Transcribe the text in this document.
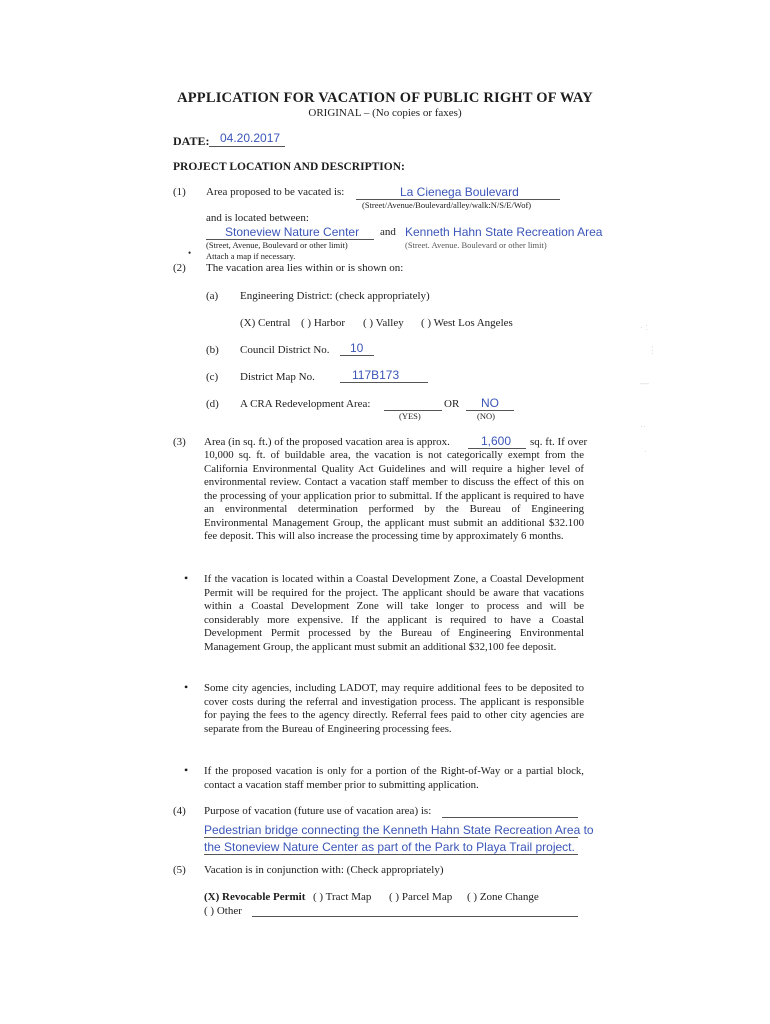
APPLICATION FOR VACATION OF PUBLIC RIGHT OF WAY
ORIGINAL – (No copies or faxes)
DATE: 04.20.2017
PROJECT LOCATION AND DESCRIPTION:
(1) Area proposed to be vacated is:	La Cienega Boulevard
(Street/Avenue/Boulevard/alley/walk:N/S/E/Wof)
and is located between:
Stoneview Nature Center and Kenneth Hahn State Recreation Area
(Street, Avenue, Boulevard or other limit)	(Street. Avenue. Boulevard or other limit)
• Attach a map if necessary.
(2) The vacation area lies within or is shown on:
(a) Engineering District: (check appropriately)
(X) Central ( ) Harbor ( ) Valley ( ) West Los Angeles
(b) Council District No. 10
(c) District Map No.	117B173
(d) A CRA Redevelopment Area:	OR NO
(YES)	(NO)
(3) Area (in sq. ft.) of the proposed vacation area is approx.	1,600 sq. ft. If over
10,000 sq. ft. of buildable area, the vacation is not categorically exempt from the California Environmental Quality Act Guidelines and will require a higher level of environmental review. Contact a vacation staff member to discuss the effect of this on the processing of your application prior to submittal. If the applicant is required to have an environmental determination performed by the Bureau of Engineering Environmental Management Group, the applicant must submit an additional $32.100 fee deposit. This will also increase the processing time by approximately 6 months.
• If the vacation is located within a Coastal Development Zone, a Coastal Development Permit will be required for the project. The applicant should be aware that vacations within a Coastal Development Zone will take longer to process and will be considerably more expensive. If the applicant is required to have a Coastal Development Permit processed by the Bureau of Engineering Environmental Management Group, the applicant must submit an additional $32,100 fee deposit.
• Some city agencies, including LADOT, may require additional fees to be deposited to cover costs during the referral and investigation process. The applicant is responsible for paying the fees to the agency directly. Referral fees paid to other city agencies are separate from the Bureau of Engineering processing fees.
• If the proposed vacation is only for a portion of the Right-of-Way or a partial block, contact a vacation staff member prior to submitting application.
(4) Purpose of vacation (future use of vacation area) is:
Pedestrian bridge connecting the Kenneth Hahn State Recreation Area to
the Stoneview Nature Center as part of the Park to Playa Trail project.
(5) Vacation is in conjunction with: (Check appropriately)
(X) Revocable Permit ( ) Tract Map ( ) Parcel Map ( ) Zone Change
( ) Other
· :
⋮
—
··
·
